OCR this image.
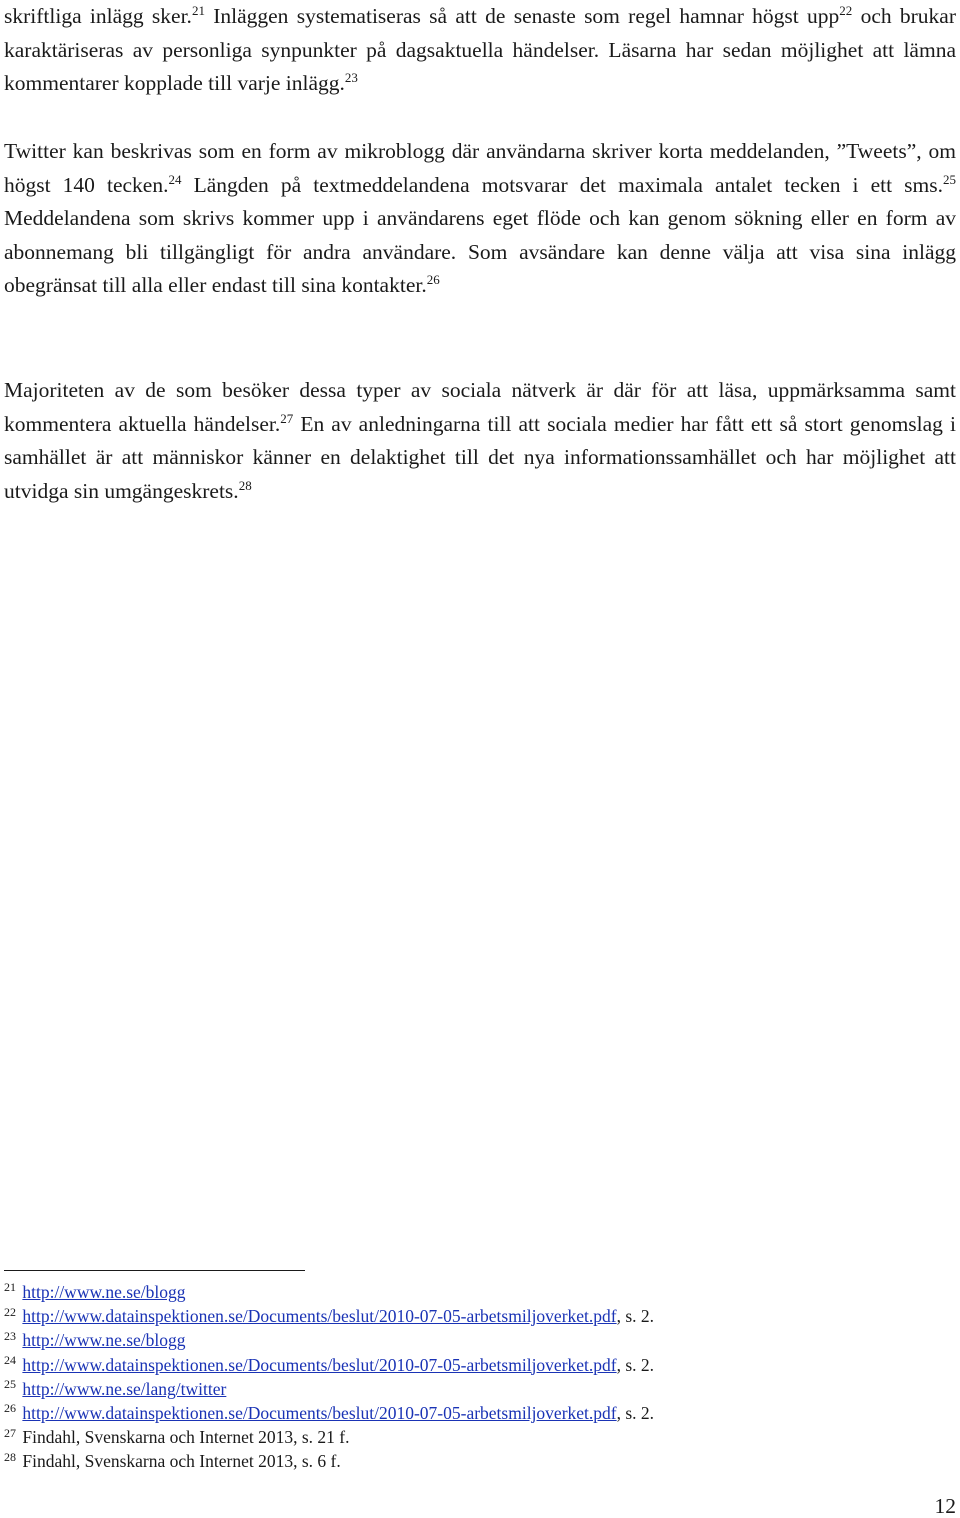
skriftliga inlägg sker.$^{21}$ Inläggen systematiseras så att de senaste som regel hamnar högst upp$^{22}$ och brukar karaktäriseras av personliga synpunkter på dagsaktuella händelser. Läsarna har sedan möjlighet att lämna kommentarer kopplade till varje inlägg.$^{23}$

Twitter kan beskrivas som en form av mikroblogg där användarna skriver korta meddelanden, ”Tweets”, om högst 140 tecken.$^{24}$ Längden på textmeddelandena motsvarar det maximala antalet tecken i ett sms.$^{25}$ Meddelandena som skrivs kommer upp i användarens eget flöde och kan genom sökning eller en form av abonnemang bli tillgängligt för andra användare. Som avsändare kan denne välja att visa sina inlägg obegränsat till alla eller endast till sina kontakter.$^{26}$

Majoriteten av de som besöker dessa typer av sociala nätverk är där för att läsa, uppmärksamma samt kommentera aktuella händelser.$^{27}$ En av anledningarna till att sociala medier har fått ett så stort genomslag i samhället är att människor känner en delaktighet till det nya informationssamhället och har möjlighet att utvidga sin umgängeskrets.$^{28}$

$^{21}$ http://www.ne.se/blogg
$^{22}$ http://www.datainspektionen.se/Documents/beslut/2010-07-05-arbetsmiljoverket.pdf, s. 2.
$^{23}$ http://www.ne.se/blogg
$^{24}$ http://www.datainspektionen.se/Documents/beslut/2010-07-05-arbetsmiljoverket.pdf, s. 2.
$^{25}$ http://www.ne.se/lang/twitter
$^{26}$ http://www.datainspektionen.se/Documents/beslut/2010-07-05-arbetsmiljoverket.pdf, s. 2.
$^{27}$ Findahl, Svenskarna och Internet 2013, s. 21 f.
$^{28}$ Findahl, Svenskarna och Internet 2013, s. 6 f.
12
